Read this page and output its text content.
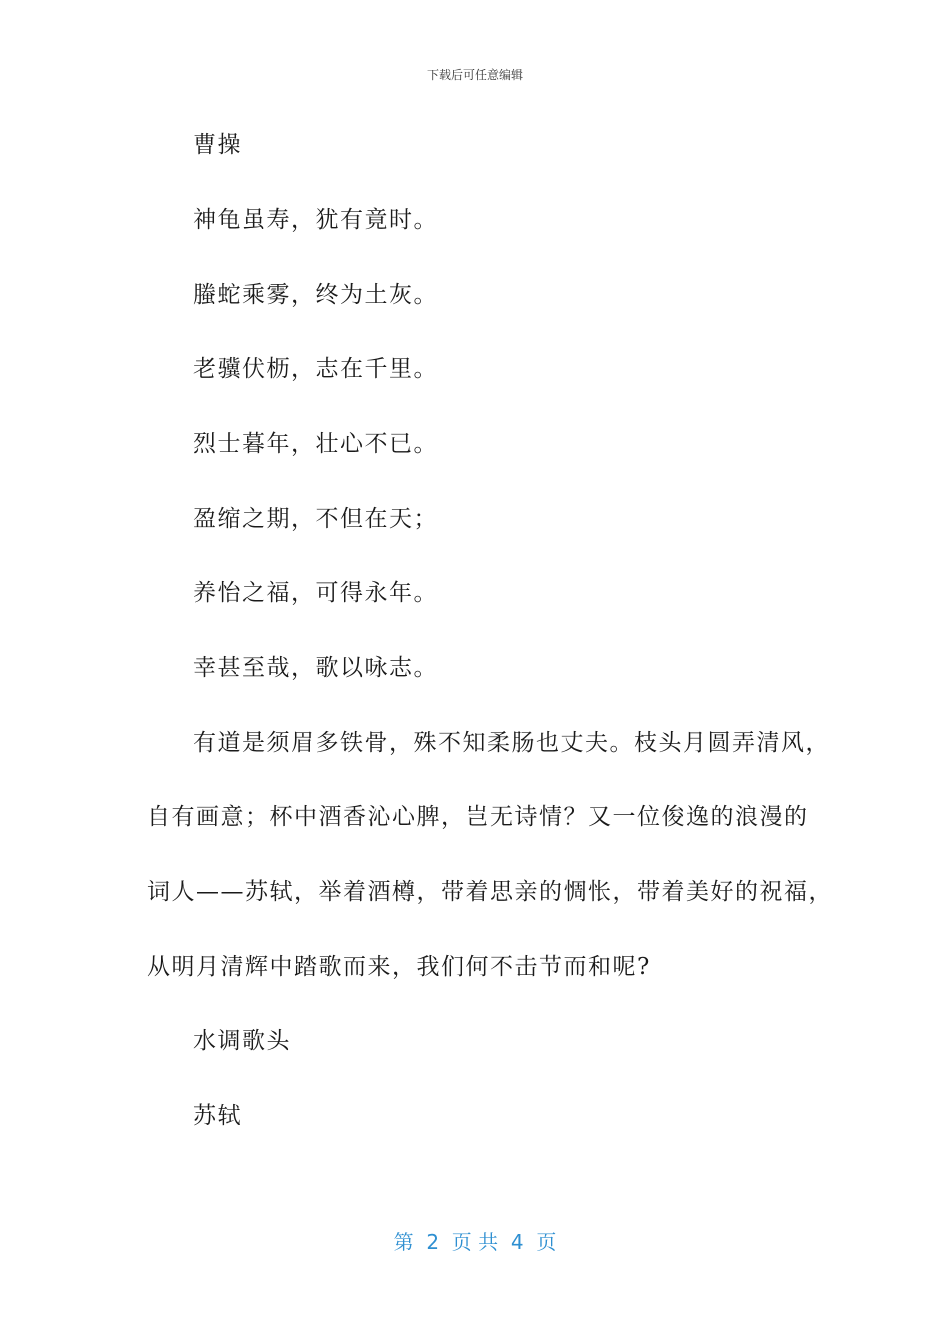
下载后可任意编辑
曹操
神龟虽寿，犹有竟时。
螣蛇乘雾，终为土灰。
老骥伏枥，志在千里。
烈士暮年，壮心不已。
盈缩之期，不但在天；
养怡之福，可得永年。
幸甚至哉，歌以咏志。
有道是须眉多铁骨，殊不知柔肠也丈夫。枝头月圆弄清风，
自有画意；杯中酒香沁心脾，岂无诗情？又一位俊逸的浪漫的
词人——苏轼，举着酒樽，带着思亲的惆怅，带着美好的祝福，
从明月清辉中踏歌而来，我们何不击节而和呢?
水调歌头
苏轼
第  2  页 共  4  页
